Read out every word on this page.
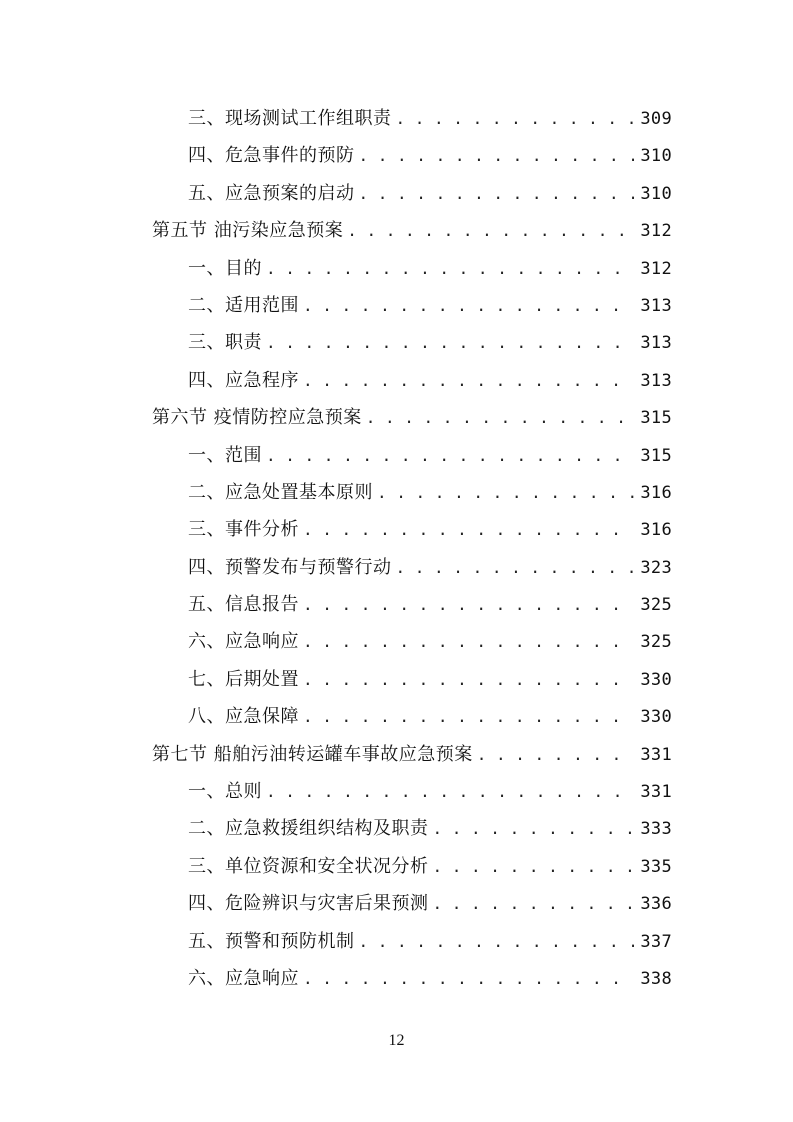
三、现场测试工作组职责 . . .	309
四、危急事件的预防 . . .	310
五、应急预案的启动 . . .	310
第五节 油污染应急预案 . . .	312
一、目的 . . .	312
二、适用范围 . . .	313
三、职责 . . .	313
四、应急程序 . . .	313
第六节 疫情防控应急预案 . . .	315
一、范围 . . .	315
二、应急处置基本原则 . . .	316
三、事件分析 . . .	316
四、预警发布与预警行动 . . .	323
五、信息报告 . . .	325
六、应急响应 . . .	325
七、后期处置 . . .	330
八、应急保障 . . .	330
第七节 船舶污油转运罐车事故应急预案 . . .	331
一、总则 . . .	331
二、应急救援组织结构及职责 . . .	333
三、单位资源和安全状况分析 . . .	335
四、危险辨识与灾害后果预测 . . .	336
五、预警和预防机制 . . .	337
六、应急响应 . . .	338
12
